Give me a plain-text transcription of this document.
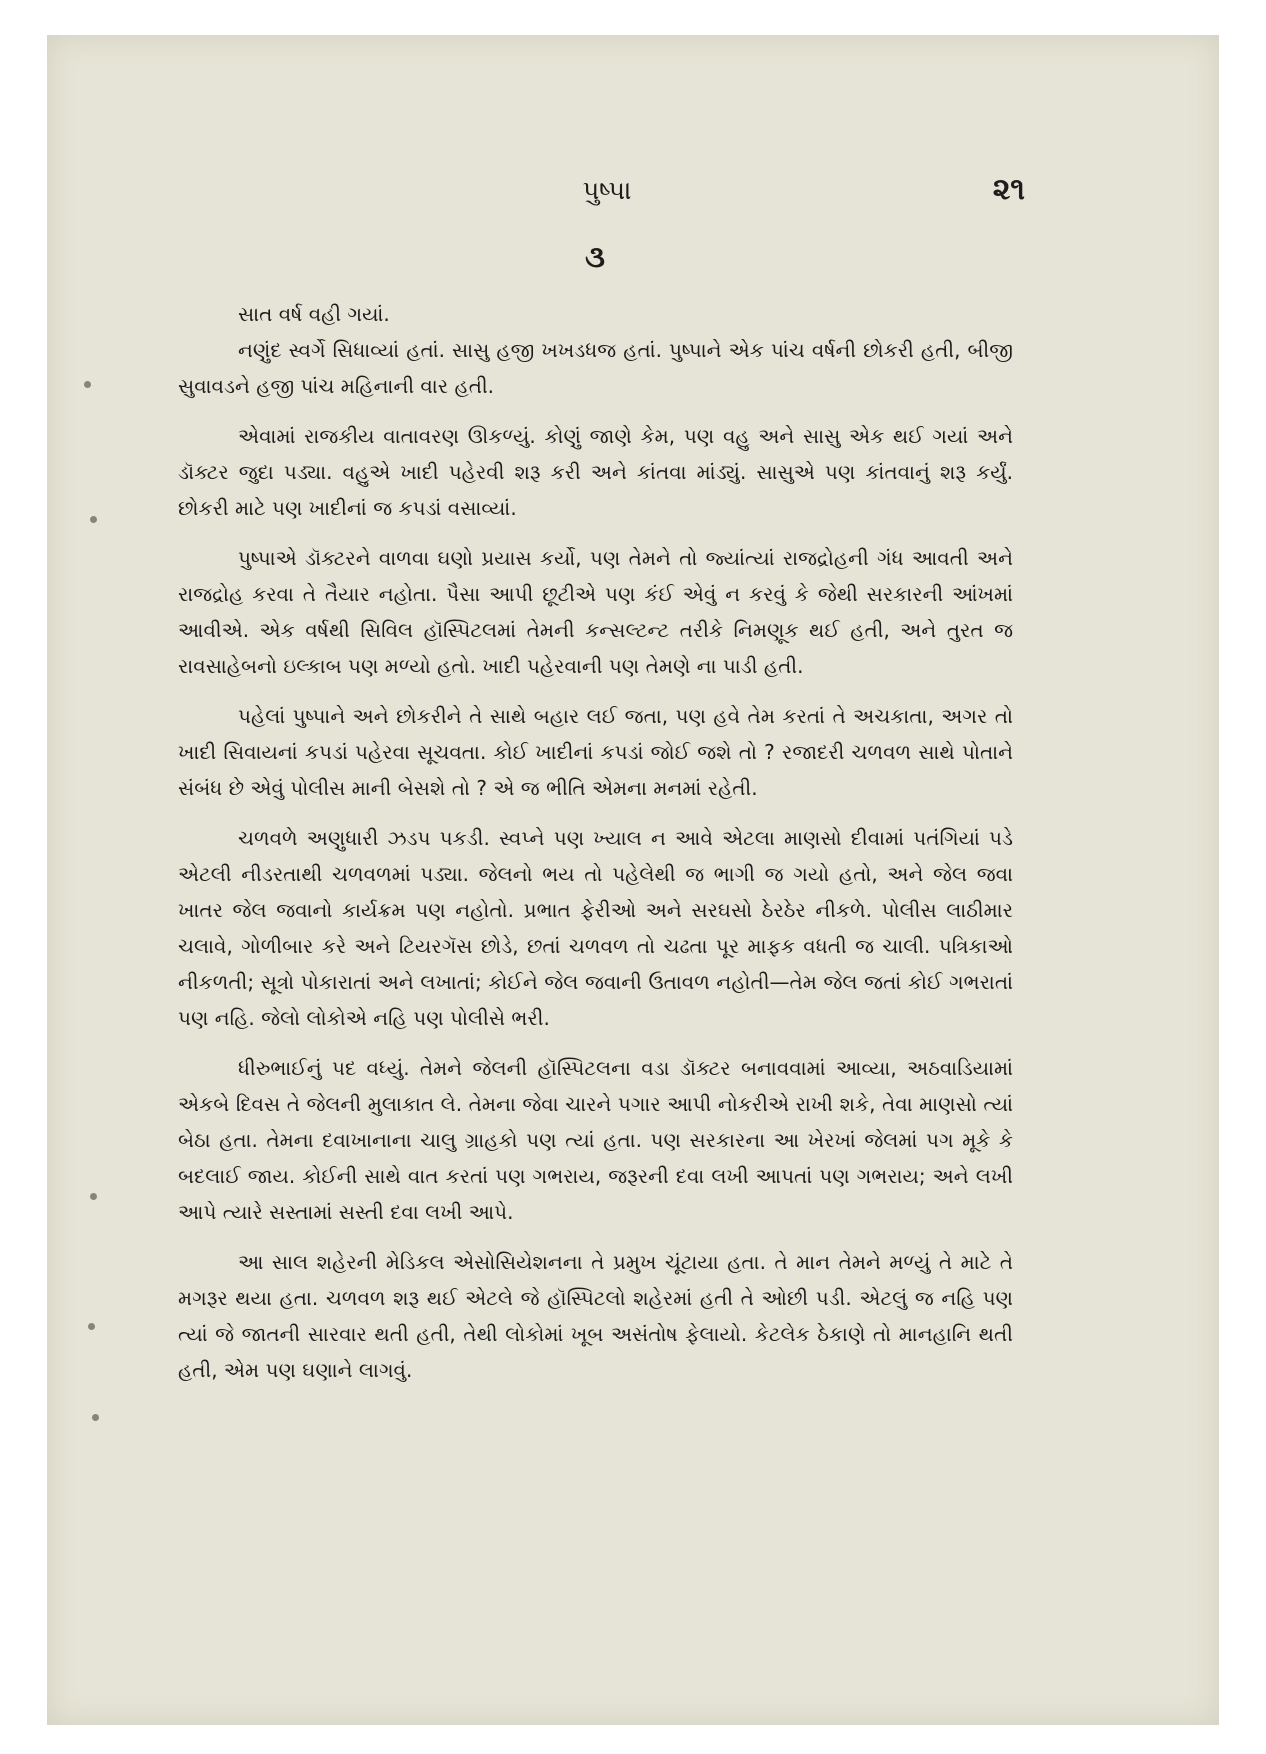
પુષ્પા	૨૧
૩

સાત વર્ષ વહી ગયાં.

નણુંદ સ્વર્ગે સિધાવ્યાં હતાં. સાસુ હજી ખખડધજ હતાં. પુષ્પાને એક પાંચ વર્ષની છોકરી હતી, બીજી સુવાવડને હજી પાંચ મહિનાની વાર હતી.

એવામાં રાજકીય વાતાવરણ ઊકળ્યું. કોણું જાણે કેમ, પણ વહુ અને સાસુ એક થઈ ગયાં અને ડૉક્ટર જુદા પડ્યા. વહુએ ખાદી પહેરવી શરૂ કરી અને કાંતવા માંડ્યું. સાસુએ પણ કાંતવાનું શરૂ કર્યું. છોકરી માટે પણ ખાદીનાં જ કપડાં વસાવ્યાં.

પુષ્પાએ ડૉક્ટરને વાળવા ઘણો પ્રયાસ કર્યો, પણ તેમને તો જ્યાંત્યાં રાજદ્રોહની ગંધ આવતી અને રાજદ્રોહ કરવા તે તૈયાર નહોતા. પૈસા આપી છૂટીએ પણ કંઈ એવું ન કરવું કે જેથી સરકારની આંખમાં આવીએ. એક વર્ષથી સિવિલ હૉસ્પિટલમાં તેમની કન્સલ્ટન્ટ તરીકે નિમણૂક થઈ હતી, અને તુરત જ રાવસાહેબનો ઇલ્કાબ પણ મળ્યો હતો. ખાદી પહેરવાની પણ તેમણે ના પાડી હતી.

પહેલાં પુષ્પાને અને છોકરીને તે સાથે બહાર લઈ જતા, પણ હવે તેમ કરતાં તે અચકાતા, અગર તો ખાદી સિવાયનાં કપડાં પહેરવા સૂચવતા. કોઈ ખાદીનાં કપડાં જોઈ જશે તો ? રજાદરી ચળવળ સાથે પોતાને સંબંધ છે એવું પોલીસ માની બેસશે તો ? એ જ ભીતિ એમના મનમાં રહેતી.

ચળવળે અણુધારી ઝડપ પકડી. સ્વપ્ને પણ ખ્યાલ ન આવે એટલા માણસો દીવામાં પતંગિયાં પડે એટલી નીડરતાથી ચળવળમાં પડ્યા. જેલનો ભય તો પહેલેથી જ ભાગી જ ગયો હતો, અને જેલ જવા ખાતર જેલ જવાનો કાર્યક્રમ પણ નહોતો. પ્રભાત ફેરીઓ અને સરઘસો ઠેરઠેર નીકળે. પોલીસ લાઠીમાર ચલાવે, ગોળીબાર કરે અને ટિયરગૅસ છોડે, છતાં ચળવળ તો ચઢતા પૂર માફક વધતી જ ચાલી. પત્રિકાઓ નીકળતી; સૂત્રો પોકારાતાં અને લખાતાં; કોઈને જેલ જવાની ઉતાવળ નહોતી—તેમ જેલ જતાં કોઈ ગભરાતાં પણ નહિ. જેલો લોકોએ નહિ પણ પોલીસે ભરી.

ધીરુભાઈનું પદ વધ્યું. તેમને જેલની હૉસ્પિટલના વડા ડૉક્ટર બનાવવામાં આવ્યા, અઠવાડિયામાં એકબે દિવસ તે જેલની મુલાકાત લે. તેમના જેવા ચારને પગાર આપી નોકરીએ રાખી શકે, તેવા માણસો ત્યાં બેઠા હતા. તેમના દવાખાનાના ચાલુ ગ્રાહકો પણ ત્યાં હતા. પણ સરકારના આ ખેરખાં જેલમાં પગ મૂકે કે બદલાઈ જાય. કોઈની સાથે વાત કરતાં પણ ગભરાય, જરૂરની દવા લખી આપતાં પણ ગભરાય; અને લખી આપે ત્યારે સસ્તામાં સસ્તી દવા લખી આપે.

આ સાલ શહેરની મેડિકલ એસોસિયેશનના તે પ્રમુખ ચૂંટાયા હતા. તે માન તેમને મળ્યું તે માટે તે મગરૂર થયા હતા. ચળવળ શરૂ થઈ એટલે જે હૉસ્પિટલો શહેરમાં હતી તે ઓછી પડી. એટલું જ નહિ પણ ત્યાં જે જાતની સારવાર થતી હતી, તેથી લોકોમાં ખૂબ અસંતોષ ફેલાયો. કેટલેક ઠેકાણે તો માનહાનિ થતી હતી, એમ પણ ઘણાને લાગવું.
